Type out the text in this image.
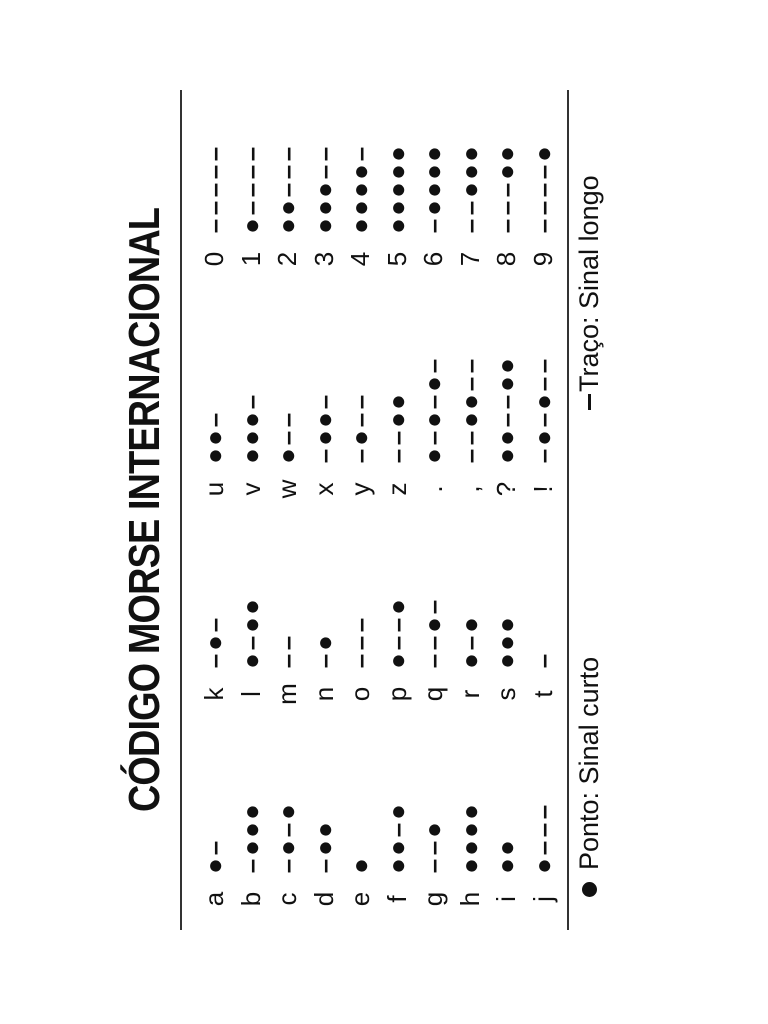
CÓDIGO MORSE INTERNACIONAL
a
●
–
b
–
●
●
●
c
–
●
–
●
d
–
●
●
e
●
f
●
●
–
●
g
–
–
●
h
●
●
●
●
i
●
●
j
●
–
–
–
k
–
●
–
l
●
–
●
●
m
–
–
n
–
●
o
–
–
–
p
●
–
–
●
q
–
–
●
–
r
●
–
●
s
●
●
●
t
–
u
●
●
–
v
●
●
●
–
w
●
–
–
x
–
●
●
–
y
–
●
–
–
z
–
–
●
●
.
●
–
●
–
●
–
,
–
–
●
●
–
–
?
●
●
–
–
●
●
!
–
●
–
●
–
–
0
–
–
–
–
–
1
●
–
–
–
–
2
●
●
–
–
–
3
●
●
●
–
–
4
●
●
●
●
–
5
●
●
●
●
●
6
–
●
●
●
●
7
–
–
●
●
●
8
–
–
–
●
●
9
–
–
–
–
●
Ponto: Sinal curto
Traço: Sinal longo
